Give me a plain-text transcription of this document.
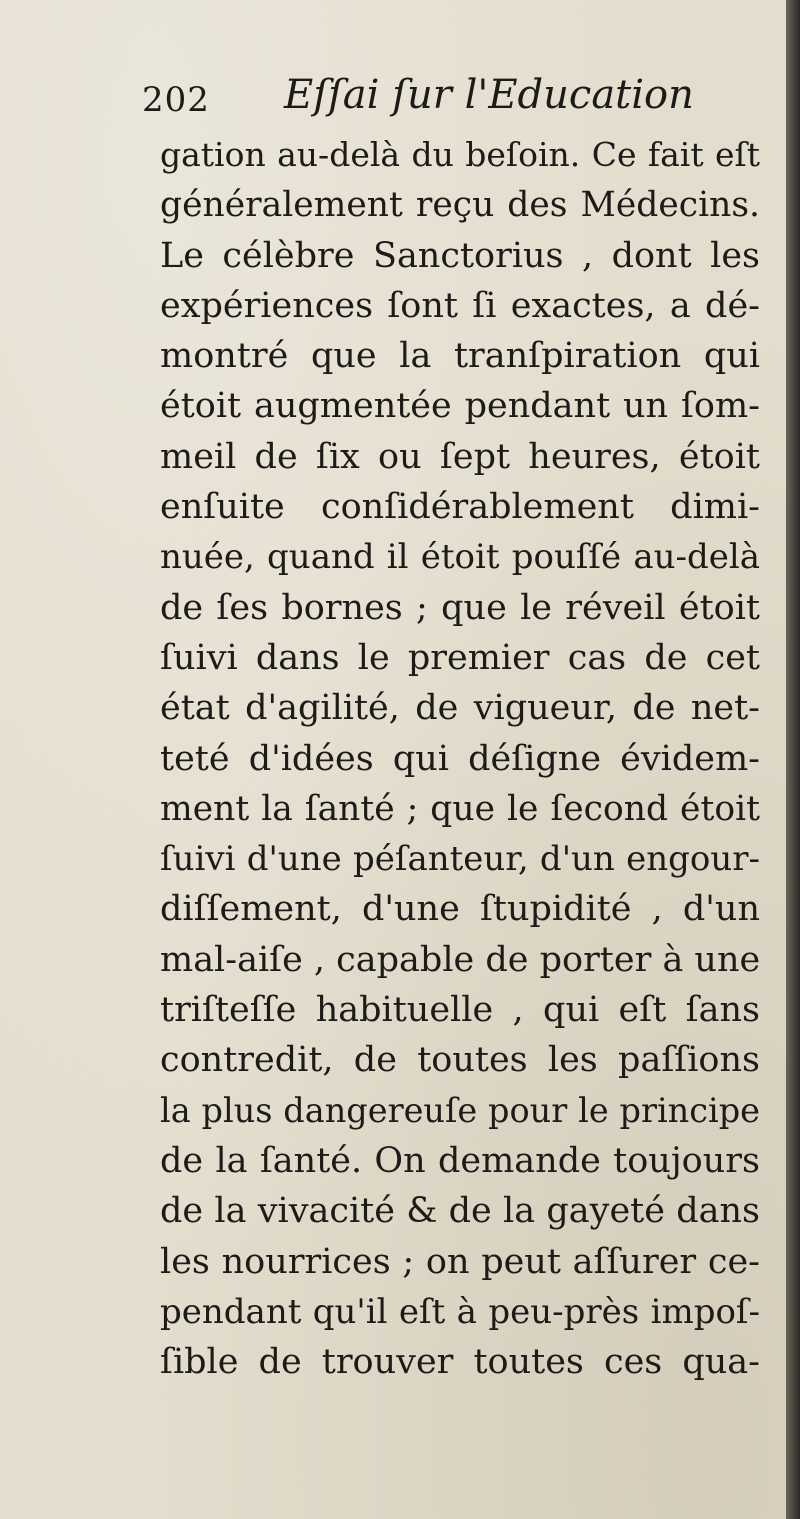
202 Eſſai ſur l'Education
gation au-delà du beſoin. Ce fait eſt
généralement reçu des Médecins.
Le célèbre Sanctorius , dont les
expériences ſont ſi exactes, a dé-
montré que la tranſpiration qui
étoit augmentée pendant un ſom-
meil de ſix ou ſept heures, étoit
enſuite conſidérablement dimi-
nuée, quand il étoit pouſſé au-delà
de ſes bornes ; que le réveil étoit
ſuivi dans le premier cas de cet
état d'agilité, de vigueur, de net-
teté d'idées qui déſigne évidem-
ment la ſanté ; que le ſecond étoit
ſuivi d'une péſanteur, d'un engour-
diſſement, d'une ſtupidité , d'un
mal-aiſe , capable de porter à une
triſteſſe habituelle , qui eſt ſans
contredit, de toutes les paſſions
la plus dangereuſe pour le principe
de la ſanté. On demande toujours
de la vivacité & de la gayeté dans
les nourrices ; on peut aſſurer ce-
pendant qu'il eſt à peu-près impoſ-
ſible de trouver toutes ces qua-
